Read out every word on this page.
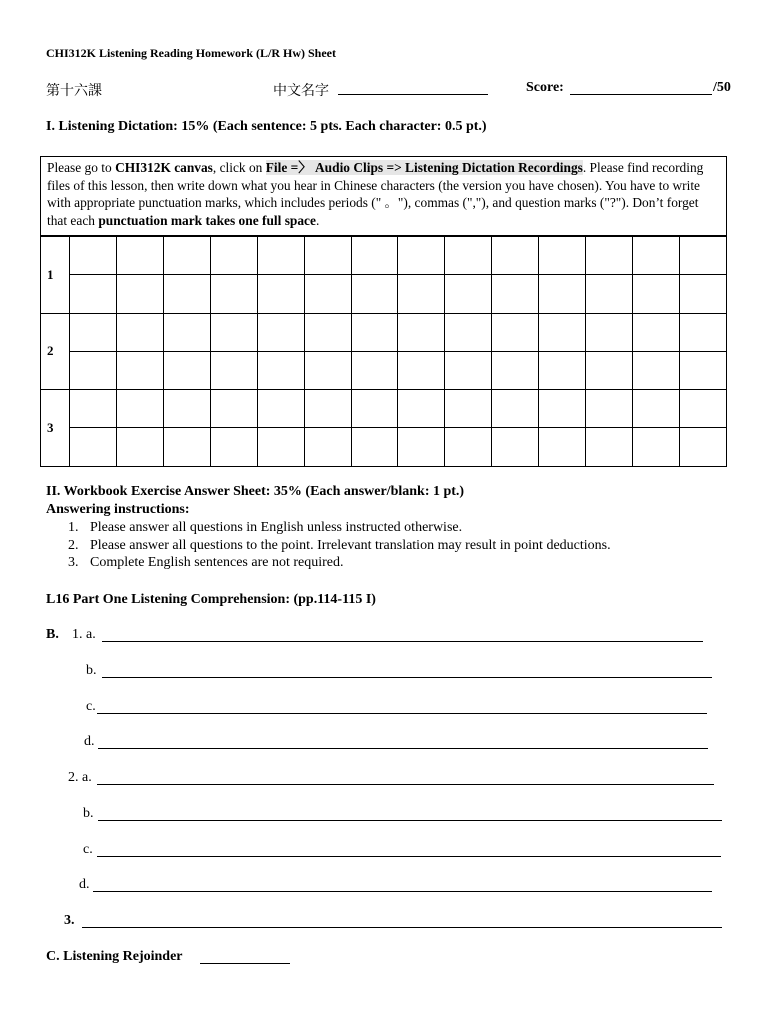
CHI312K Listening Reading Homework (L/R Hw) Sheet
第十六課	中文名字	Score:	/50
I. Listening Dictation: 15% (Each sentence: 5 pts. Each character: 0.5 pt.)
Please go to CHI312K canvas, click on File =〉 Audio Clips => Listening Dictation Recordings. Please find recording files of this lesson, then write down what you hear in Chinese characters (the version you have chosen). You have to write with appropriate punctuation marks, which includes periods (" 。"), commas (","), and question marks ("?"). Don’t forget that each punctuation mark takes one full space.
1														

2														

3														

II. Workbook Exercise Answer Sheet: 35% (Each answer/blank: 1 pt.)
Answering instructions:
1. Please answer all questions in English unless instructed otherwise.
2. Please answer all questions to the point. Irrelevant translation may result in point deductions.
3. Complete English sentences are not required.
L16 Part One Listening Comprehension: (pp.114-115 I)
B. 1. a.
b.
c.
d.
2. a.
b.
c.
d.
3.
C. Listening Rejoinder
